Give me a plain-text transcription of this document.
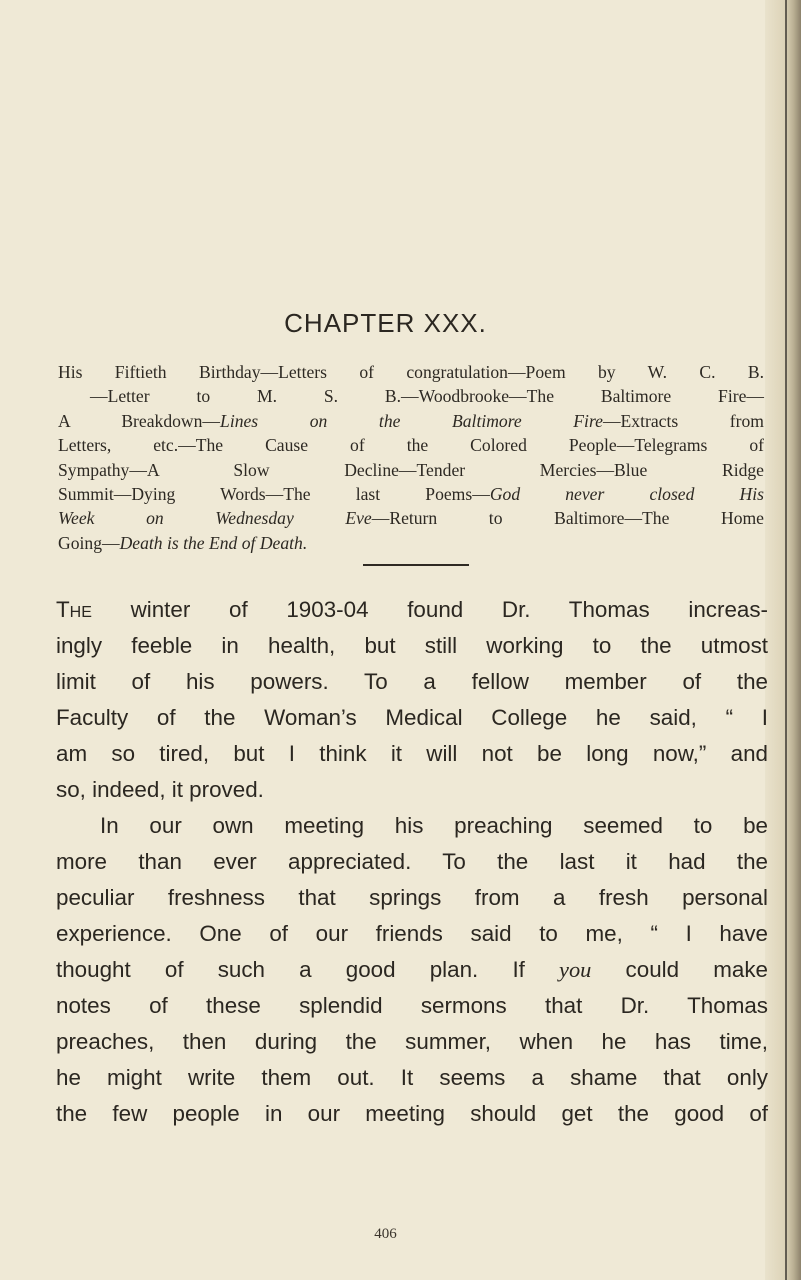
CHAPTER XXX.
His Fiftieth Birthday—Letters of congratulation—Poem by W. C. B.
—Letter to M. S. B.—Woodbrooke—The Baltimore Fire—
A Breakdown—Lines on the Baltimore Fire—Extracts from
Letters, etc.—The Cause of the Colored People—Telegrams of
Sympathy—A Slow Decline—Tender Mercies—Blue Ridge
Summit—Dying Words—The last Poems—God never closed His
Week on Wednesday Eve—Return to Baltimore—The Home
Going—Death is the End of Death.
The winter of 1903-04 found Dr. Thomas increas-
ingly feeble in health, but still working to the utmost
limit of his powers. To a fellow member of the
Faculty of the Woman’s Medical College he said, “ I
am so tired, but I think it will not be long now,” and
so, indeed, it proved.
In our own meeting his preaching seemed to be
more than ever appreciated. To the last it had the
peculiar freshness that springs from a fresh personal
experience. One of our friends said to me, “ I have
thought of such a good plan. If you could make
notes of these splendid sermons that Dr. Thomas
preaches, then during the summer, when he has time,
he might write them out. It seems a shame that only
the few people in our meeting should get the good of
406
